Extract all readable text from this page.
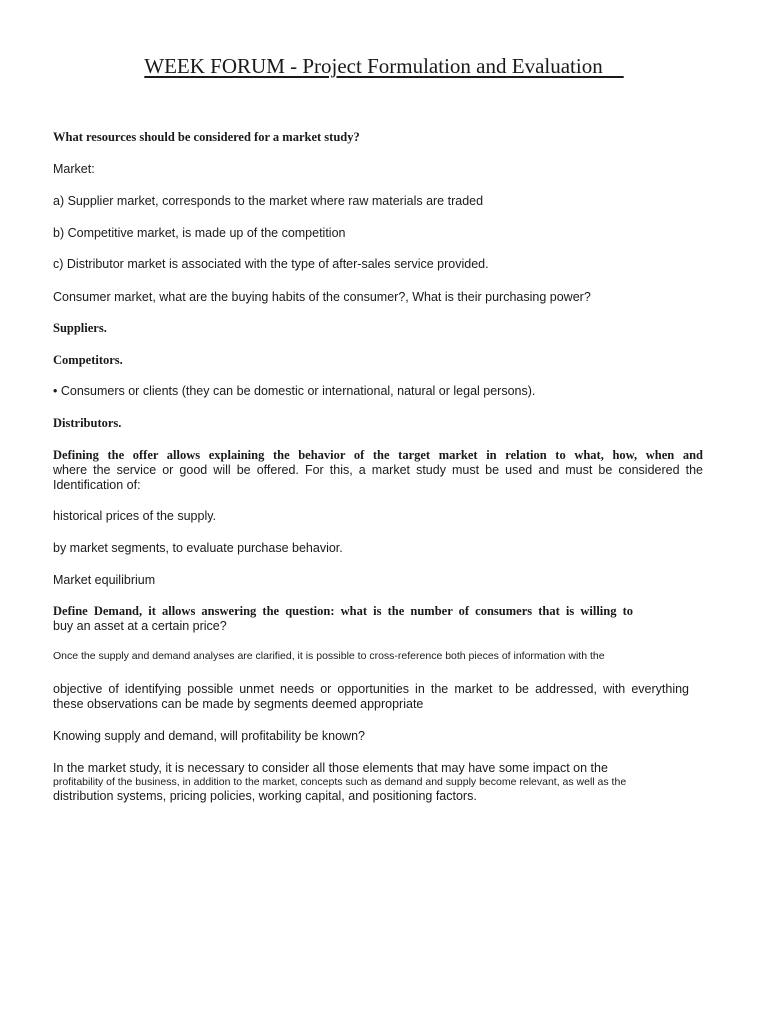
WEEK FORUM - Project Formulation and Evaluation
What resources should be considered for a market study?
Market:
a) Supplier market, corresponds to the market where raw materials are traded
b) Competitive market, is made up of the competition
c) Distributor market is associated with the type of after-sales service provided.
Consumer market, what are the buying habits of the consumer?, What is their purchasing power?
Suppliers.
Competitors.
• Consumers or clients (they can be domestic or international, natural or legal persons).
Distributors.
Defining the offer allows explaining the behavior of the target market in relation to what, how, when and
where the service or good will be offered. For this, a market study must be used and must be considered the
Identification of:
historical prices of the supply.
by market segments, to evaluate purchase behavior.
Market equilibrium
Define Demand, it allows answering the question: what is the number of consumers that is willing to
buy an asset at a certain price?
Once the supply and demand analyses are clarified, it is possible to cross-reference both pieces of information with the
objective of identifying possible unmet needs or opportunities in the market to be addressed, with everything
these observations can be made by segments deemed appropriate
Knowing supply and demand, will profitability be known?
In the market study, it is necessary to consider all those elements that may have some impact on the
profitability of the business, in addition to the market, concepts such as demand and supply become relevant, as well as the
distribution systems, pricing policies, working capital, and positioning factors.
